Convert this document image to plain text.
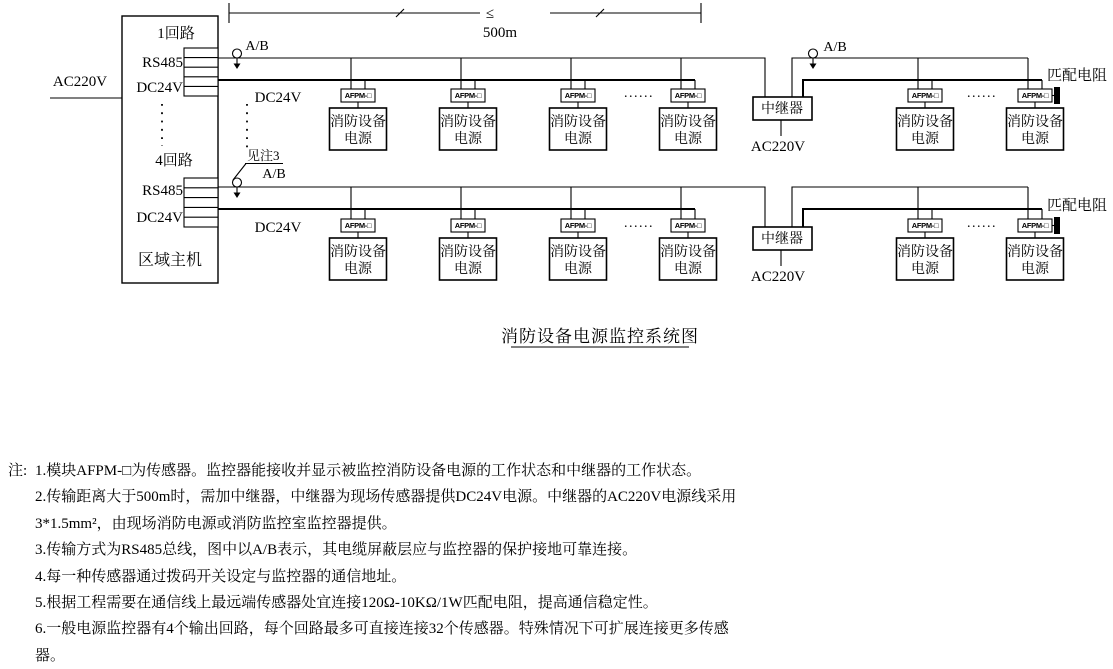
≤
500m
AC220V
1回路
RS485
DC24V
4回路
RS485
DC24V
区域主机
A/B
DC24V
见注3
A/B
DC24V
AFPM-□
消防设备
电源
AFPM-□
消防设备
电源
AFPM-□
消防设备
电源
......	AFPM-□
消防设备
电源
中继器
AC220V
A/B
AFPM-□
消防设备
电源
......	AFPM-□
消防设备
电源
匹配电阻
AFPM-□
消防设备
电源
AFPM-□
消防设备
电源
AFPM-□
消防设备
电源
......	AFPM-□
消防设备
电源
中继器
AC220V
AFPM-□
消防设备
电源
......	AFPM-□
消防设备
电源
匹配电阻
消防设备电源监控系统图
注: 1.模块AFPM-□为传感器。监控器能接收并显示被监控消防设备电源的工作状态和中继器的工作状态。
2.传输距离大于500m时，需加中继器，中继器为现场传感器提供DC24V电源。中继器的AC220V电源线采用
3*1.5mm²，由现场消防电源或消防监控室监控器提供。
3.传输方式为RS485总线，图中以A/B表示，其电缆屏蔽层应与监控器的保护接地可靠连接。
4.每一种传感器通过拨码开关设定与监控器的通信地址。
5.根据工程需要在通信线上最远端传感器处宜连接120Ω-10KΩ/1W匹配电阻，提高通信稳定性。
6.一般电源监控器有4个输出回路，每个回路最多可直接连接32个传感器。特殊情况下可扩展连接更多传感
器。
